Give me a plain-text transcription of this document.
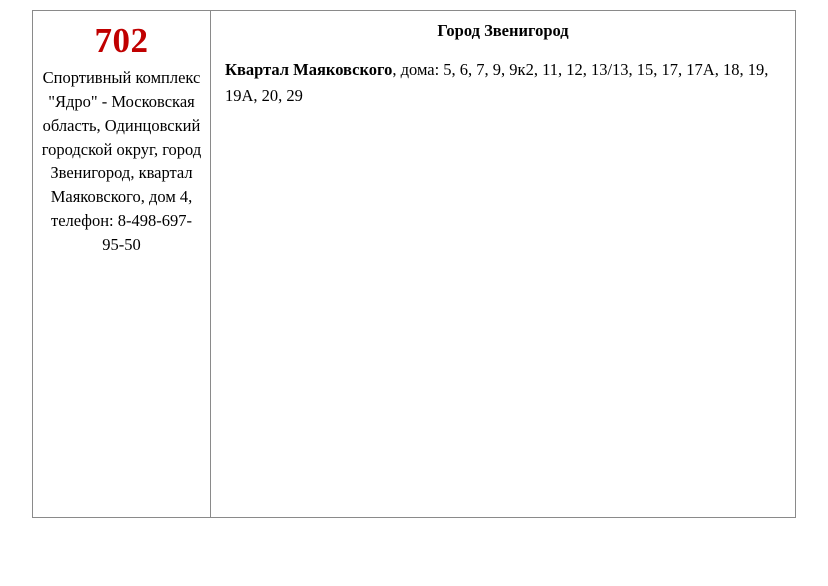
702
Спортивный комплекс "Ядро" - Московская область, Одинцовский городской округ, город Звенигород, квартал Маяковского, дом 4, телефон: 8-498-697-95-50
Город Звенигород
Квартал Маяковского, дома: 5, 6, 7, 9, 9к2, 11, 12, 13/13, 15, 17, 17А, 18, 19, 19А, 20, 29
